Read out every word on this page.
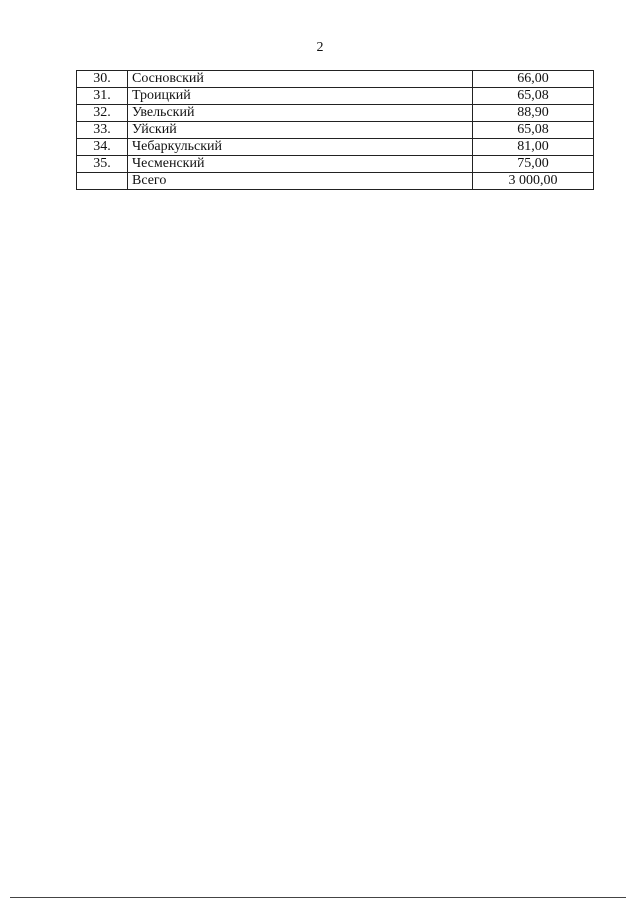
2
30.	Сосновский	66,00
31.	Троицкий	65,08
32.	Увельский	88,90
33.	Уйский	65,08
34.	Чебаркульский	81,00
35.	Чесменский	75,00
	Всего	3 000,00
